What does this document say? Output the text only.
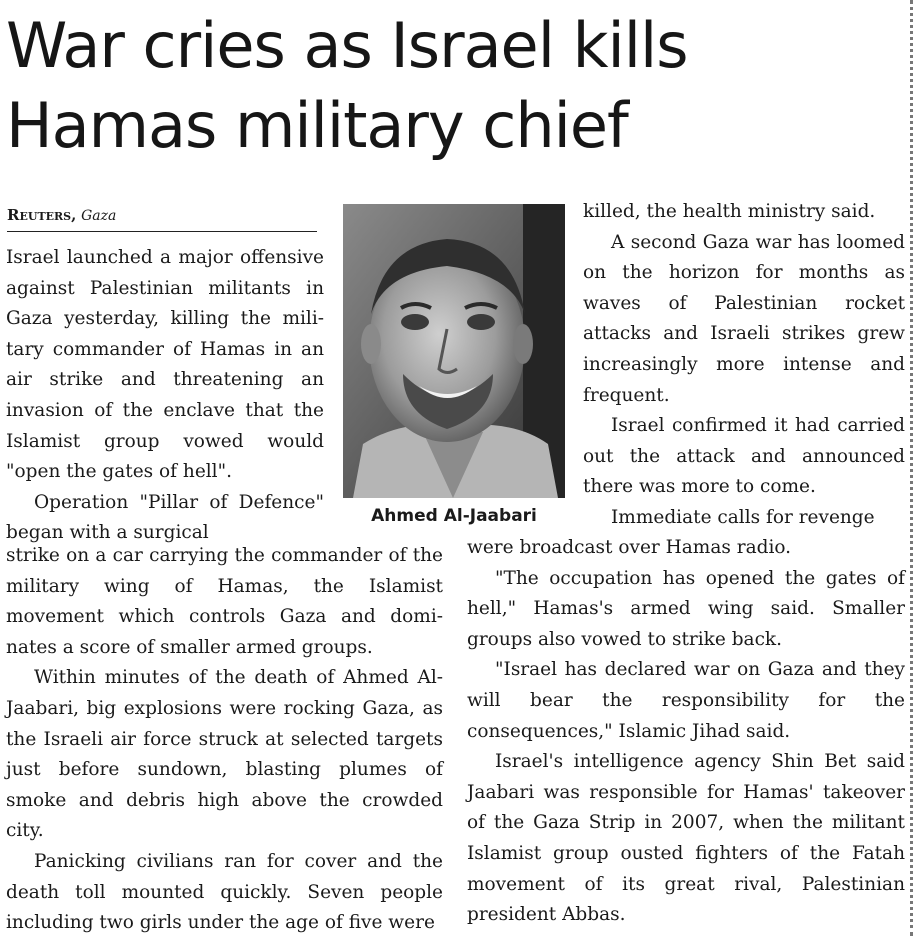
War cries as Israel kills Hamas military chief
Reuters, Gaza

Israel launched a major offensive against Palestinian militants in Gaza yesterday, killing the mili-tary commander of Hamas in an air strike and threatening an invasion of the enclave that the Islamist group vowed would "open the gates of hell".

Operation "Pillar of Defence" began with a surgical

strike on a car carrying the commander of the military wing of Hamas, the Islamist movement which controls Gaza and domi-nates a score of smaller armed groups.

Within minutes of the death of Ahmed Al-Jaabari, big explosions were rocking Gaza, as the Israeli air force struck at selected targets just before sundown, blasting plumes of smoke and debris high above the crowded city.

Panicking civilians ran for cover and the death toll mounted quickly. Seven people including two girls under the age of five were

Ahmed Al-Jaabari

killed, the health ministry said.

A second Gaza war has loomed on the horizon for months as waves of Palestinian rocket attacks and Israeli strikes grew increasingly more intense and frequent.

Israel confirmed it had carried out the attack and announced there was more to come.

Immediate calls for revenge

were broadcast over Hamas radio.

"The occupation has opened the gates of hell," Hamas's armed wing said. Smaller groups also vowed to strike back.

"Israel has declared war on Gaza and they will bear the responsibility for the consequences," Islamic Jihad said.

Israel's intelligence agency Shin Bet said Jaabari was responsible for Hamas' takeover of the Gaza Strip in 2007, when the militant Islamist group ousted fighters of the Fatah movement of its great rival, Palestinian president Abbas.
